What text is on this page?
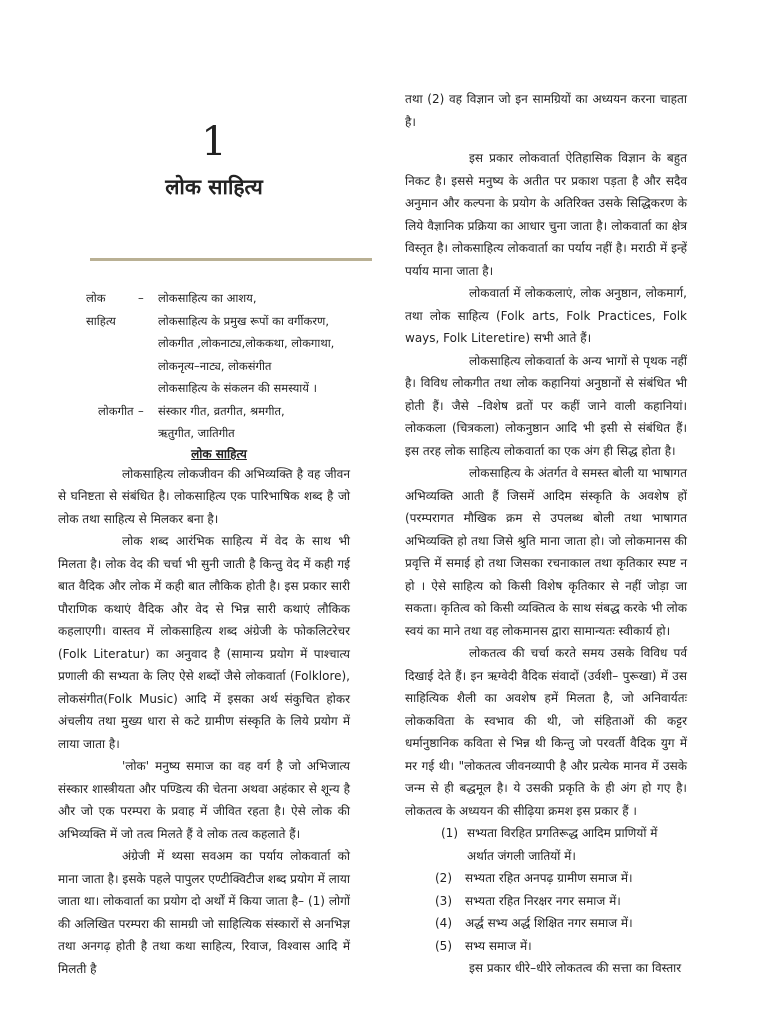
1
लोक साहित्य
लोक साहित्य
–	लोकसाहित्य का आशय,
लोकसाहित्य के प्रमुख रूपों का वर्गीकरण,
लोकगीत ,लोकनाट्य,लोककथा, लोकगाथा,
लोकनृत्य–नाट्य, लोकसंगीत
लोकसाहित्य के संकलन की समस्यायें ।
लोकगीत –	संस्कार गीत, व्रतगीत, श्रमगीत,
ऋतुगीत, जातिगीत
लोक साहित्य

लोकसाहित्य लोकजीवन की अभिव्यक्ति है वह जीवन से घनिष्टता से संबंधित है। लोकसाहित्य एक पारिभाषिक शब्द है जो लोक तथा साहित्य से मिलकर बना है।

लोक शब्द आरंभिक साहित्य में वेद के साथ भी मिलता है। लोक वेद की चर्चा भी सुनी जाती है किन्तु वेद में कही गई बात वैदिक और लोक में कही बात लौकिक होती है। इस प्रकार सारी पौराणिक कथाएं वैदिक और वेद से भिन्न सारी कथाएं लौकिक कहलाएगी। वास्तव में लोकसाहित्य शब्द अंग्रेजी के फोकलिटरेचर (Folk Literatur) का अनुवाद है (सामान्य प्रयोग में पाश्चात्य प्रणाली की सभ्यता के लिए ऐसे शब्दों जैसे लोकवार्ता (Folklore), लोकसंगीत(Folk Music) आदि में इसका अर्थ संकुचित होकर अंचलीय तथा मुख्य धारा से कटे ग्रामीण संस्कृति के लिये प्रयोग में लाया जाता है।

'लोक' मनुष्य समाज का वह वर्ग है जो अभिजात्य संस्कार शास्त्रीयता और पण्डित्य की चेतना अथवा अहंकार से शून्य है और जो एक परम्परा के प्रवाह में जीवित रहता है। ऐसे लोक की अभिव्यक्ति में जो तत्व मिलते हैं वे लोक तत्व कहलाते हैं।

अंग्रेजी में थ्यसा सवअम का पर्याय लोकवार्ता को माना जाता है। इसके पहले पापुलर एण्टीक्विटीज शब्द प्रयोग में लाया जाता था। लोकवार्ता का प्रयोग दो अर्थों में किया जाता है– (1) लोगों की अलिखित परम्परा की सामग्री जो साहित्यिक संस्कारों से अनभिज्ञ तथा अनगढ़ होती है तथा कथा साहित्य, रिवाज, विश्वास आदि में मिलती है

तथा (2) वह विज्ञान जो इन सामग्रियों का अध्ययन करना चाहता है।

इस प्रकार लोकवार्ता ऐतिहासिक विज्ञान के बहुत निकट है। इससे मनुष्य के अतीत पर प्रकाश पड़ता है और सदैव अनुमान और कल्पना के प्रयोग के अतिरिक्त उसके सिद्धिकरण के लिये वैज्ञानिक प्रक्रिया का आधार चुना जाता है। लोकवार्ता का क्षेत्र विस्तृत है। लोकसाहित्य लोकवार्ता का पर्याय नहीं है। मराठी में इन्हें पर्याय माना जाता है।

लोकवार्ता में लोककलाएं, लोक अनुष्ठान, लोकमार्ग, तथा लोक साहित्य (Folk arts, Folk Practices, Folk ways, Folk Literetire) सभी आते हैं।

लोकसाहित्य लोकवार्ता के अन्य भागों से पृथक नहीं है। विविध लोकगीत तथा लोक कहानियां अनुष्ठानों से संबंधित भी होती हैं। जैसे –विशेष व्रतों पर कहीं जाने वाली कहानियां। लोककला (चित्रकला) लोकनुष्ठान आदि भी इसी से संबंधित हैं। इस तरह लोक साहित्य लोकवार्ता का एक अंग ही सिद्ध होता है।

लोकसाहित्य के अंतर्गत वे समस्त बोली या भाषागत अभिव्यक्ति आती हैं जिसमें आदिम संस्कृति के अवशेष हों (परम्परागत मौखिक क्रम से उपलब्ध बोली तथा भाषागत अभिव्यक्ति हो तथा जिसे श्रुति माना जाता हो। जो लोकमानस की प्रवृत्ति में समाई हो तथा जिसका रचनाकाल तथा कृतिकार स्पष्ट न हो । ऐसे साहित्य को किसी विशेष कृतिकार से नहीं जोड़ा जा सकता। कृतित्व को किसी व्यक्तित्व के साथ संबद्ध करके भी लोक स्वयं का माने तथा वह लोकमानस द्वारा सामान्यतः स्वीकार्य हो।

लोकतत्व की चर्चा करते समय उसके विविध पर्व दिखाई देते हैं। इन ऋग्वेदी वैदिक संवादों (उर्वशी– पुरूखा) में उस साहित्यिक शैली का अवशेष हमें मिलता है, जो अनिवार्यतः लोककविता के स्वभाव की थी, जो संहिताओं की कट्टर धर्मानुष्ठानिक कविता से भिन्न थी किन्तु जो परवर्ती वैदिक युग में मर गई थी। "लोकतत्व जीवनव्यापी है और प्रत्येक मानव में उसके जन्म से ही बद्धमूल है। ये उसकी प्रकृति के ही अंग हो गए है। लोकतत्व के अध्ययन की सीढ़िया क्रमश इस प्रकार हैं ।

(1) सभ्यता विरहित प्रगतिरूद्ध आदिम प्राणियों में अर्थात जंगली जातियों में।
(2)	सभ्यता रहित अनपढ़ ग्रामीण समाज में।
(3)	सभ्यता रहित निरक्षर नगर समाज में।
(4)	अर्द्ध सभ्य अर्द्ध शिक्षित नगर समाज में।
(5)	सभ्य समाज में।

इस प्रकार धीरे–धीरे लोकतत्व की सत्ता का विस्तार
